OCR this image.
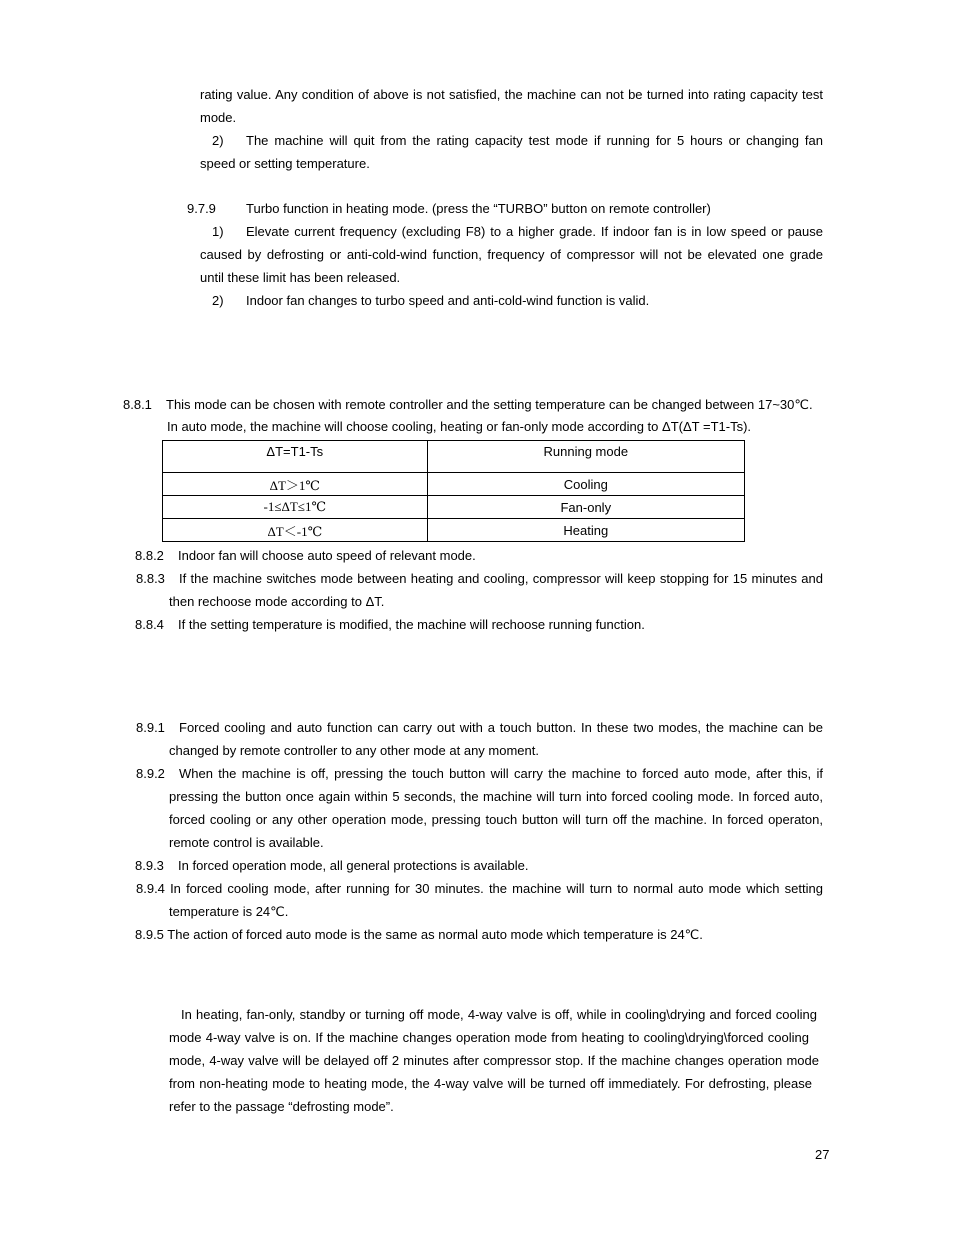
rating value. Any condition of above is not satisfied, the machine can not be turned into rating capacity test
mode.
2) The machine will quit from the rating capacity test mode if running for 5 hours or changing fan
speed or setting temperature.
9.7.9 Turbo function in heating mode. (press the “TURBO” button on remote controller)
1) Elevate current frequency (excluding F8) to a higher grade. If indoor fan is in low speed or pause
caused by defrosting or anti-cold-wind function, frequency of compressor will not be elevated one grade
until these limit has been released.
2) Indoor fan changes to turbo speed and anti-cold-wind function is valid.
8.8.1 This mode can be chosen with remote controller and the setting temperature can be changed between 17~30℃.
In auto mode, the machine will choose cooling, heating or fan-only mode according to ΔT(ΔT =T1-Ts).
ΔT=T1-Ts	Running mode
ΔT＞1℃	Cooling
-1≤ΔT≤1℃	Fan-only
ΔT＜-1℃	Heating
8.8.2 Indoor fan will choose auto speed of relevant mode.
8.8.3 If the machine switches mode between heating and cooling, compressor will keep stopping for 15 minutes and
then rechoose mode according to ΔT.
8.8.4 If the setting temperature is modified, the machine will rechoose running function.
8.9.1 Forced cooling and auto function can carry out with a touch button. In these two modes, the machine can be
changed by remote controller to any other mode at any moment.
8.9.2 When the machine is off, pressing the touch button will carry the machine to forced auto mode, after this, if
pressing the button once again within 5 seconds, the machine will turn into forced cooling mode. In forced auto,
forced cooling or any other operation mode, pressing touch button will turn off the machine. In forced operaton,
remote control is available.
8.9.3 In forced operation mode, all general protections is available.
8.9.4 In forced cooling mode, after running for 30 minutes. the machine will turn to normal auto mode which setting
temperature is 24℃.
8.9.5 The action of forced auto mode is the same as normal auto mode which temperature is 24℃.
In heating, fan-only, standby or turning off mode, 4-way valve is off, while in cooling\drying and forced cooling
mode 4-way valve is on. If the machine changes operation mode from heating to cooling\drying\forced cooling
mode, 4-way valve will be delayed off 2 minutes after compressor stop. If the machine changes operation mode
from non-heating mode to heating mode, the 4-way valve will be turned off immediately. For defrosting, please
refer to the passage “defrosting mode”.
27
